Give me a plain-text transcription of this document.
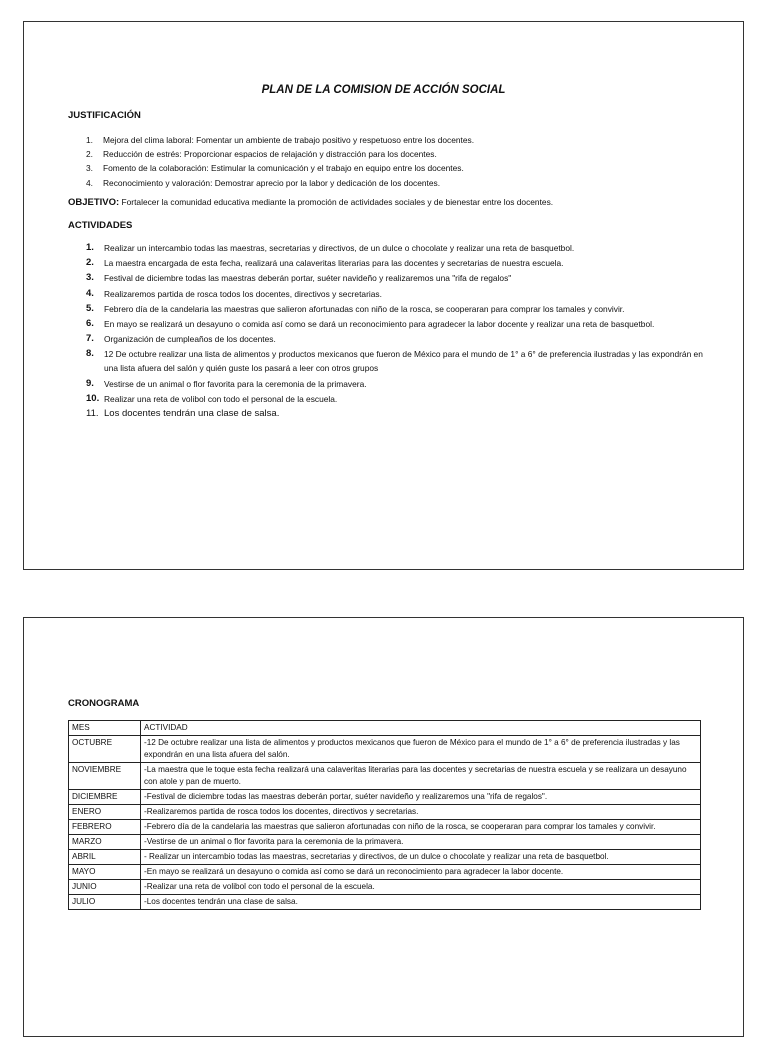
PLAN DE LA COMISION DE ACCIÓN SOCIAL
JUSTIFICACIÓN
1.	Mejora del clima laboral: Fomentar un ambiente de trabajo positivo y respetuoso entre los docentes.
2.	Reducción de estrés: Proporcionar espacios de relajación y distracción para los docentes.
3.	Fomento de la colaboración: Estimular la comunicación y el trabajo en equipo entre los docentes.
4.	Reconocimiento y valoración: Demostrar aprecio por la labor y dedicación de los docentes.
OBJETIVO: Fortalecer la comunidad educativa mediante la promoción de actividades sociales y de bienestar entre los docentes.
ACTIVIDADES
1.	Realizar un intercambio todas las maestras, secretarias y directivos, de un dulce o chocolate y realizar una reta de basquetbol.
2.	La maestra encargada de esta fecha, realizará una calaveritas literarias para las docentes y secretarias de nuestra escuela.
3.	Festival de diciembre todas las maestras deberán portar, suéter navideño y realizaremos una "rifa de regalos"
4.	Realizaremos partida de rosca todos los docentes, directivos y secretarias.
5.	Febrero día de la candelaria las maestras que salieron afortunadas con niño de la rosca, se cooperaran para comprar los tamales y convivir.
6.	En mayo se realizará un desayuno o comida así como se dará un reconocimiento para agradecer la labor docente y realizar una reta de basquetbol.
7.	Organización de cumpleaños de los docentes.
8.	12 De octubre realizar una lista de alimentos y productos mexicanos que fueron de México para el mundo de 1° a 6° de preferencia ilustradas y las expondrán en una lista afuera del salón y quién guste los pasará a leer con otros grupos
9.	Vestirse de un animal o flor favorita para la ceremonia de la primavera.
10. Realizar una reta de volibol con todo el personal de la escuela.
11. Los docentes tendrán una clase de salsa.
CRONOGRAMA
MES	ACTIVIDAD
OCTUBRE	-12 De octubre realizar una lista de alimentos y productos mexicanos que fueron de México para el mundo de 1° a 6° de preferencia ilustradas y las expondrán en una lista afuera del salón.
NOVIEMBRE	-La maestra que le toque esta fecha realizará una calaveritas literarias para las docentes y secretarias de nuestra escuela y se realizara un desayuno con atole y pan de muerto.
DICIEMBRE	-Festival de diciembre todas las maestras deberán portar, suéter navideño y realizaremos una "rifa de regalos".
ENERO	-Realizaremos partida de rosca todos los docentes, directivos y secretarias.
FEBRERO	-Febrero día de la candelaria las maestras que salieron afortunadas con niño de la rosca, se cooperaran para comprar los tamales y convivir.
MARZO	-Vestirse de un animal o flor favorita para la ceremonia de la primavera.
ABRIL	- Realizar un intercambio todas las maestras, secretarias y directivos, de un dulce o chocolate y realizar una reta de basquetbol.
MAYO	-En mayo se realizará un desayuno o comida así como se dará un reconocimiento para agradecer la labor docente.
JUNIO	-Realizar una reta de volibol con todo el personal de la escuela.
JULIO	-Los docentes tendrán una clase de salsa.
